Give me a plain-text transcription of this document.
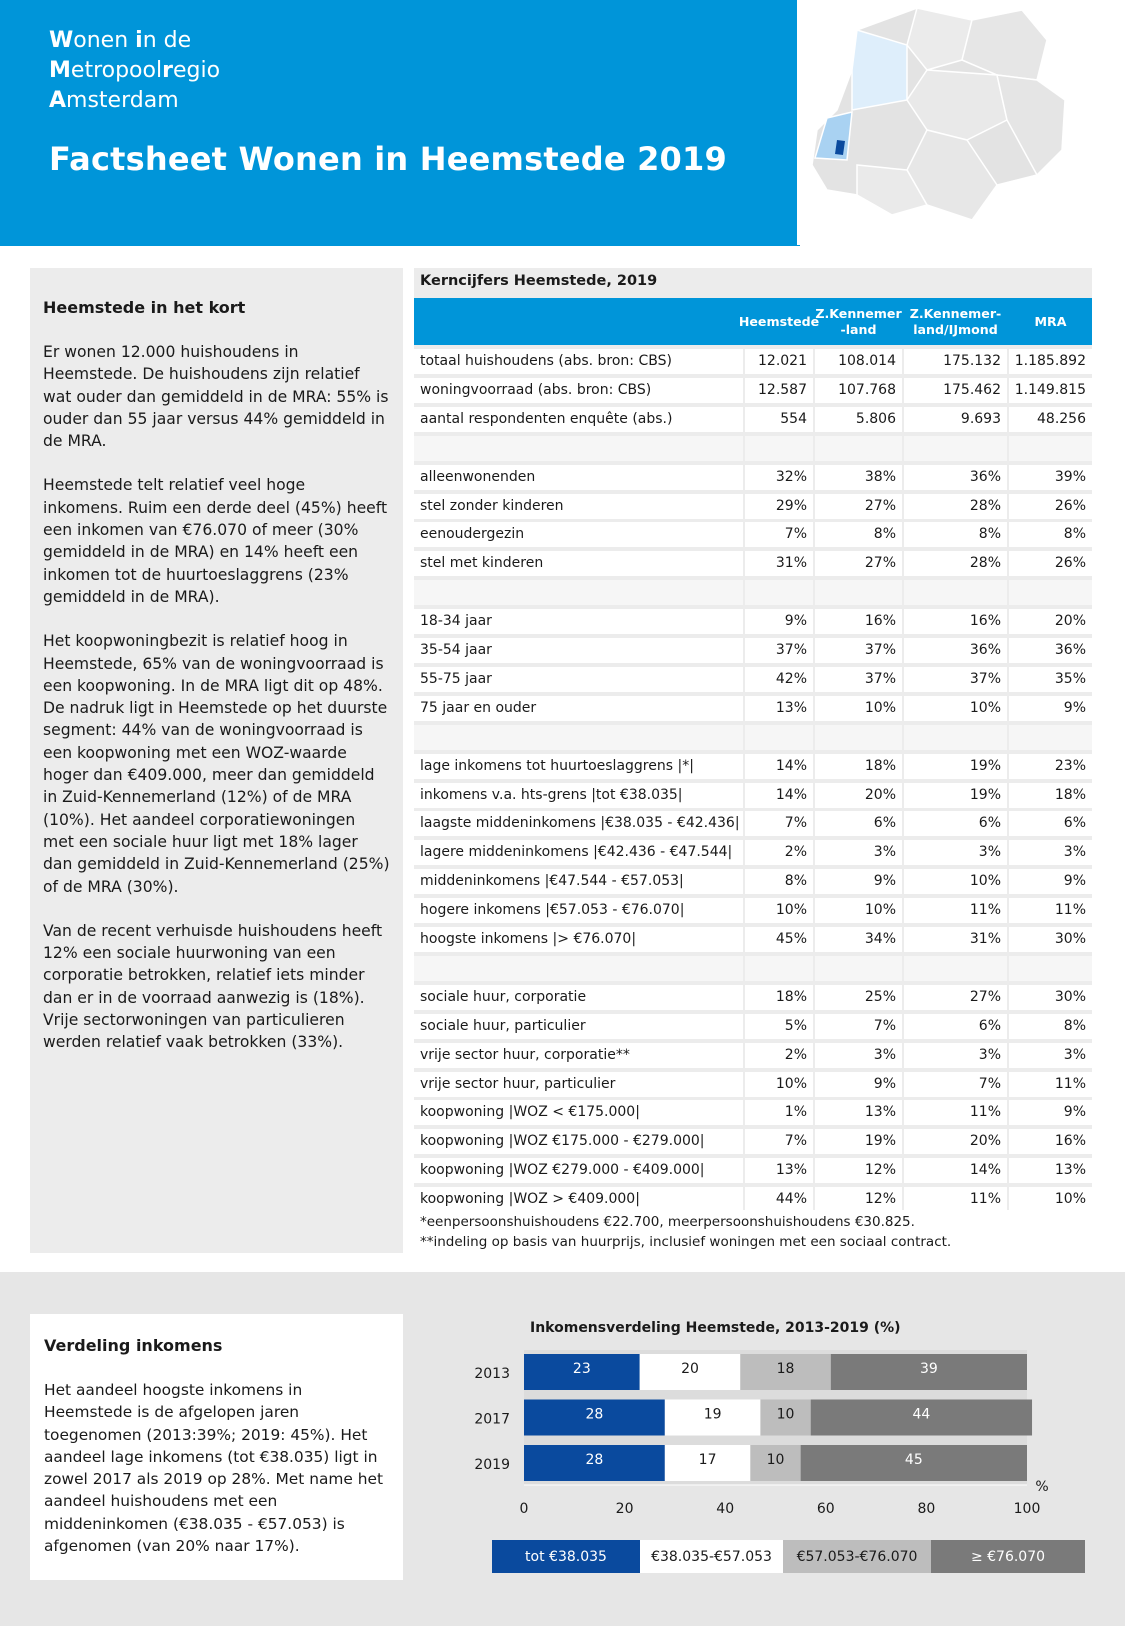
Wonen in de
Metropoolregio
Amsterdam
Factsheet Wonen in Heemstede 2019
Heemstede in het kort

Er wonen 12.000 huishoudens in Heemstede. De huishoudens zijn relatief wat ouder dan gemiddeld in de MRA: 55% is ouder dan 55 jaar versus 44% gemiddeld in de MRA.

Heemstede telt relatief veel hoge inkomens. Ruim een derde deel (45%) heeft een inkomen van €76.070 of meer (30% gemiddeld in de MRA) en 14% heeft een inkomen tot de huurtoeslaggrens (23% gemiddeld in de MRA).

Het koopwoningbezit is relatief hoog in Heemstede, 65% van de woningvoorraad is een koopwoning. In de MRA ligt dit op 48%. De nadruk ligt in Heemstede op het duurste segment: 44% van de woningvoorraad is een koopwoning met een WOZ-waarde hoger dan €409.000, meer dan gemiddeld in Zuid-Kennemerland (12%) of de MRA (10%). Het aandeel corporatiewoningen met een sociale huur ligt met 18% lager dan gemiddeld in Zuid-Kennemerland (25%) of de MRA (30%).

Van de recent verhuisde huishoudens heeft 12% een sociale huurwoning van een corporatie betrokken, relatief iets minder dan er in de voorraad aanwezig is (18%). Vrije sectorwoningen van particulieren werden relatief vaak betrokken (33%).

Kerncijfers Heemstede, 2019
Heemstede
Z.Kennemer -land
Z.Kennemer- land/IJmond
MRA
totaal huishoudens (abs. bron: CBS)	12.021	108.014	175.132 1.185.892
woningvoorraad (abs. bron: CBS)	12.587	107.768	175.462 1.149.815
aantal respondenten enquête (abs.)	554	5.806	9.693	48.256
alleenwonenden	32%	38%	36%	39%
stel zonder kinderen	29%	27%	28%	26%
eenoudergezin	7%	8%	8%	8%
stel met kinderen	31%	27%	28%	26%
18-34 jaar	9%	16%	16%	20%
35-54 jaar	37%	37%	36%	36%
55-75 jaar	42%	37%	37%	35%
75 jaar en ouder	13%	10%	10%	9%
lage inkomens tot huurtoeslaggrens |*|	14%	18%	19%	23%
inkomens v.a. hts-grens |tot €38.035|	14%	20%	19%	18%
laagste middeninkomens |€38.035 - €42.436|	7%	6%	6%	6%
lagere middeninkomens |€42.436 - €47.544|	2%	3%	3%	3%
middeninkomens |€47.544 - €57.053|	8%	9%	10%	9%
hogere inkomens |€57.053 - €76.070|	10%	10%	11%	11%
hoogste inkomens |> €76.070|	45%	34%	31%	30%
sociale huur, corporatie	18%	25%	27%	30%
sociale huur, particulier	5%	7%	6%	8%
vrije sector huur, corporatie**	2%	3%	3%	3%
vrije sector huur, particulier	10%	9%	7%	11%
koopwoning |WOZ < €175.000|	1%	13%	11%	9%
koopwoning |WOZ €175.000 - €279.000|	7%	19%	20%	16%
koopwoning |WOZ €279.000 - €409.000|	13%	12%	14%	13%
koopwoning |WOZ > €409.000|	44%	12%	11%	10%
*eenpersoonshuishoudens €22.700, meerpersoonshuishoudens €30.825.
**indeling op basis van huurprijs, inclusief woningen met een sociaal contract.
Verdeling inkomens

Het aandeel hoogste inkomens in Heemstede is de afgelopen jaren toegenomen (2013:39%; 2019: 45%). Het aandeel lage inkomens (tot €38.035) ligt in zowel 2017 als 2019 op 28%. Met name het aandeel huishoudens met een middeninkomen (€38.035 - €57.053) is afgenomen (van 20% naar 17%).

Inkomensverdeling Heemstede, 2013-2019 (%)
2013	23	20	18	39
2017	28	19	10	44
2019	28	17	10	45
0	20	40	60	80	100
%
tot €38.035	€38.035-€57.053	€57.053-€76.070	≥ €76.070
